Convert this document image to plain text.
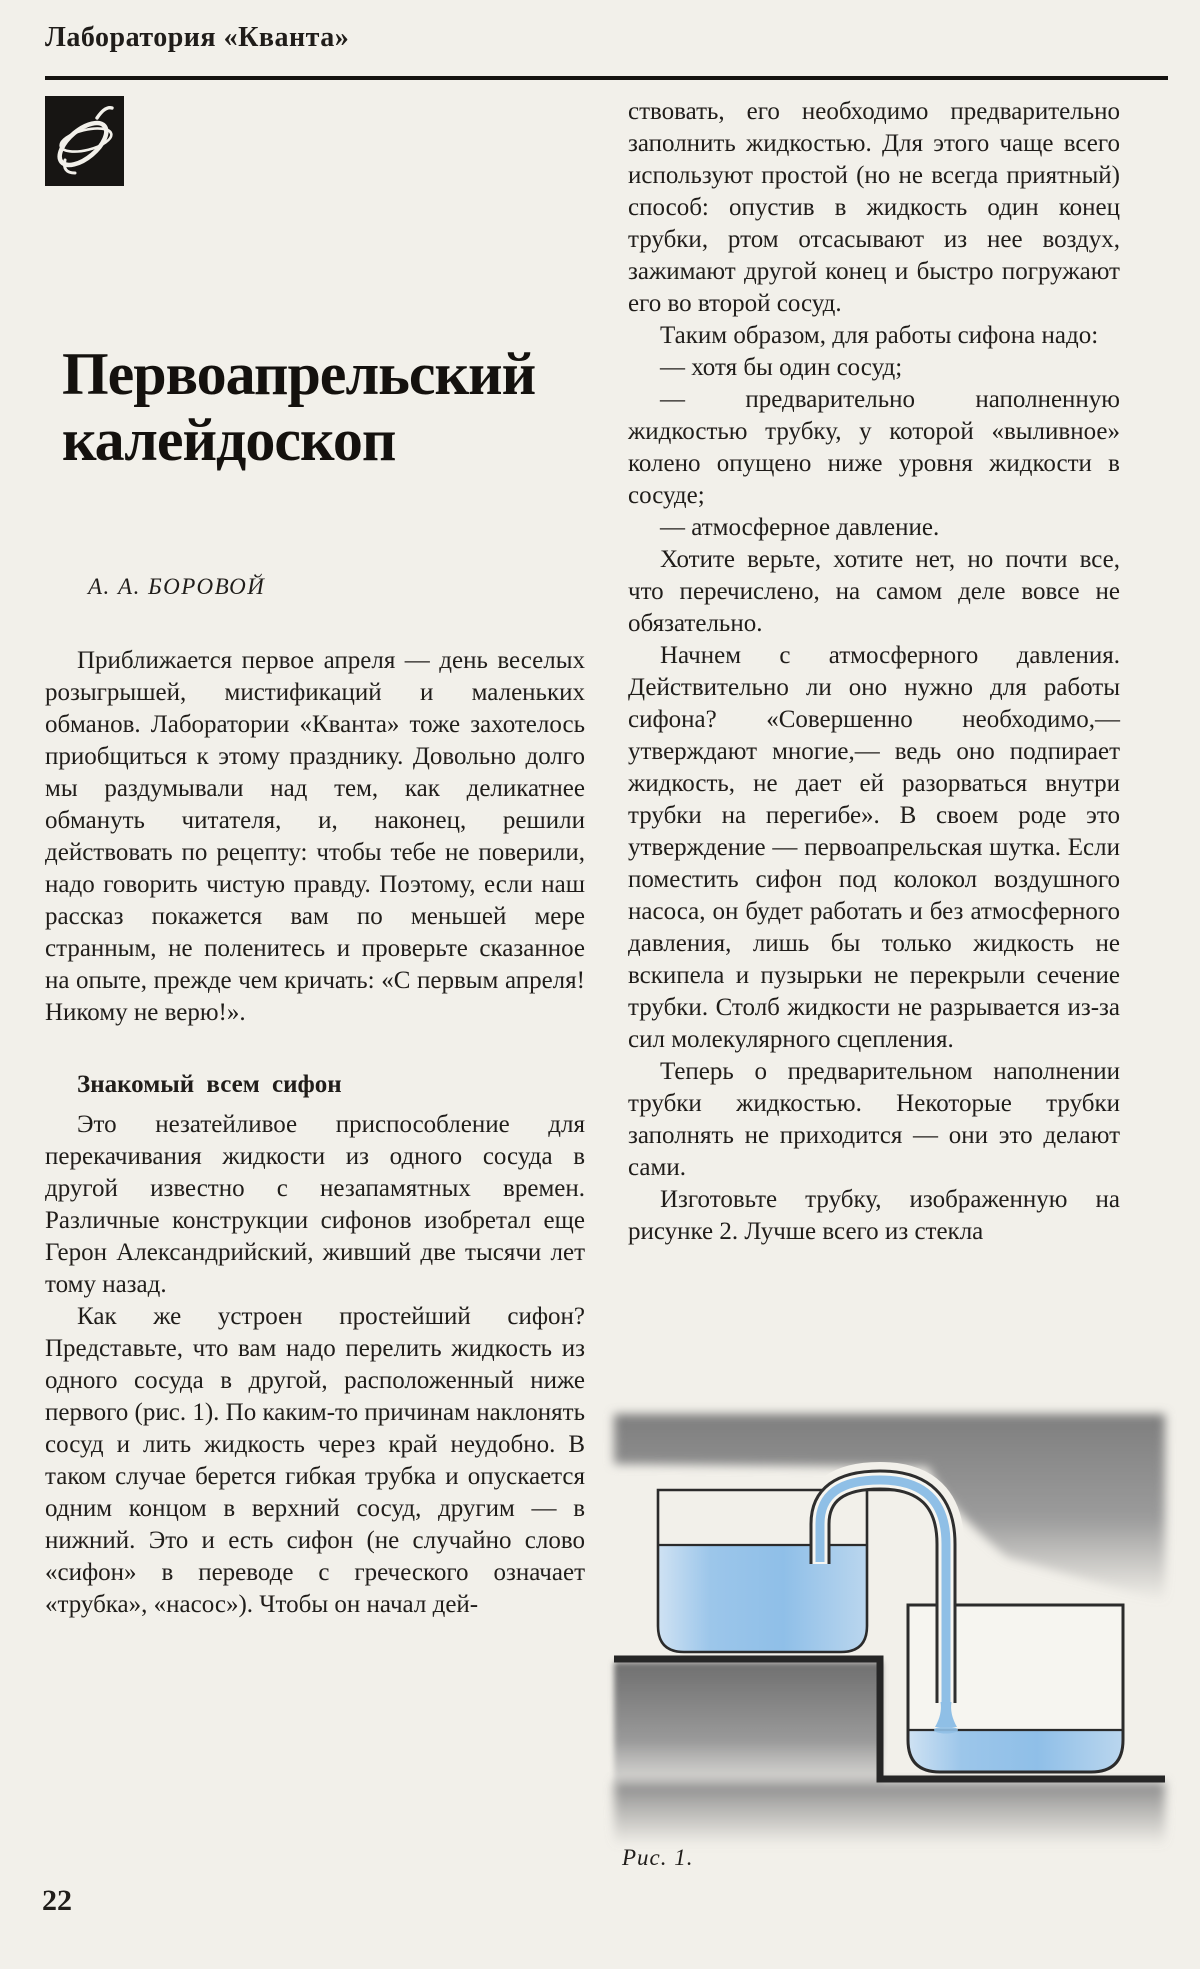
Лаборатория «Кванта»
Первоапрельский калейдоскоп
А. А. БОРОВОЙ

Приближается первое апреля — день веселых розыгрышей, мистификаций и маленьких обманов. Лаборатории «Кванта» тоже захотелось приобщиться к этому празднику. Довольно долго мы раздумывали над тем, как деликатнее обмануть читателя, и, наконец, решили действовать по рецепту: чтобы тебе не поверили, надо говорить чистую правду. Поэтому, если наш рассказ покажется вам по меньшей мере странным, не поленитесь и проверьте сказанное на опыте, прежде чем кричать: «С первым апреля! Никому не верю!».

Знакомый всем сифон

Это незатейливое приспособление для перекачивания жидкости из одного сосуда в другой известно с незапамятных времен. Различные конструкции сифонов изобретал еще Герон Александрийский, живший две тысячи лет тому назад.

Как же устроен простейший сифон? Представьте, что вам надо перелить жидкость из одного сосуда в другой, расположенный ниже первого (рис. 1). По каким-то причинам наклонять сосуд и лить жидкость через край неудобно. В таком случае берется гибкая трубка и опускается одним концом в верхний сосуд, другим — в нижний. Это и есть сифон (не случайно слово «сифон» в переводе с греческого означает «трубка», «насос»). Чтобы он начал дей-

ствовать, его необходимо предварительно заполнить жидкостью. Для этого чаще всего используют простой (но не всегда приятный) способ: опустив в жидкость один конец трубки, ртом отсасывают из нее воздух, зажимают другой конец и быстро погружают его во второй сосуд.

Таким образом, для работы сифона надо:

— хотя бы один сосуд;

— предварительно наполненную жидкостью трубку, у которой «выливное» колено опущено ниже уровня жидкости в сосуде;

— атмосферное давление.

Хотите верьте, хотите нет, но почти все, что перечислено, на самом деле вовсе не обязательно.

Начнем с атмосферного давления. Действительно ли оно нужно для работы сифона? «Совершенно необходимо,— утверждают многие,— ведь оно подпирает жидкость, не дает ей разорваться внутри трубки на перегибе». В своем роде это утверждение — первоапрельская шутка. Если поместить сифон под колокол воздушного насоса, он будет работать и без атмосферного давления, лишь бы только жидкость не вскипела и пузырьки не перекрыли сечение трубки. Столб жидкости не разрывается из-за сил молекулярного сцепления.

Теперь о предварительном наполнении трубки жидкостью. Некоторые трубки заполнять не приходится — они это делают сами.

Изготовьте трубку, изображенную на рисунке 2. Лучше всего из стекла

Рис. 1.
22
